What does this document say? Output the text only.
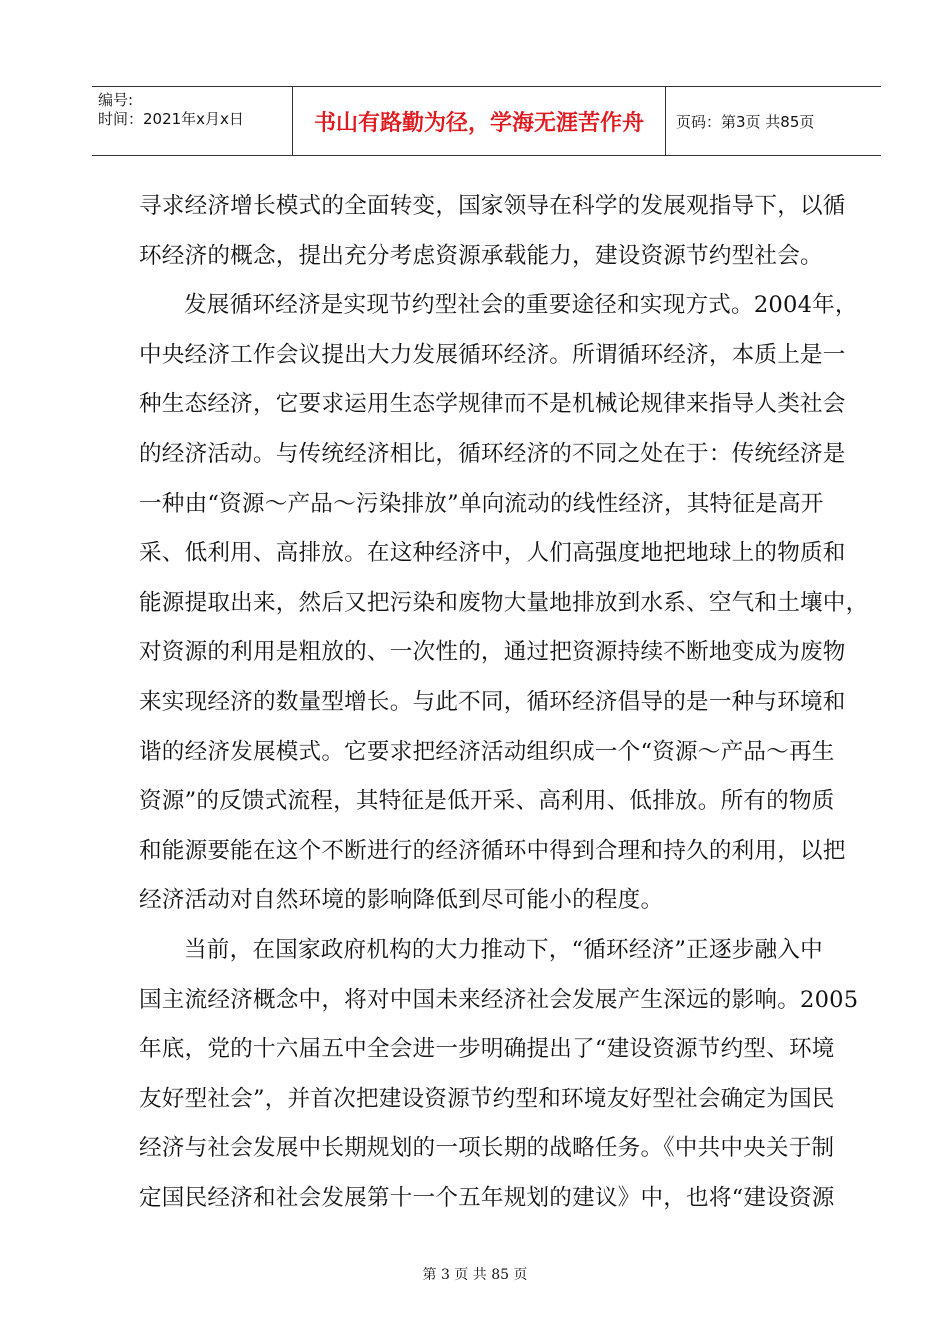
编号:
时间：2021年x月x日	书山有路勤为径，学海无涯苦作舟	页码：第3页 共85页
寻求经济增长模式的全面转变，国家领导在科学的发展观指导下，以循
环经济的概念，提出充分考虑资源承载能力，建设资源节约型社会。
发展循环经济是实现节约型社会的重要途径和实现方式。2004年，
中央经济工作会议提出大力发展循环经济。所谓循环经济，本质上是一
种生态经济，它要求运用生态学规律而不是机械论规律来指导人类社会
的经济活动。与传统经济相比，循环经济的不同之处在于：传统经济是
一种由“资源～产品～污染排放”单向流动的线性经济，其特征是高开
采、低利用、高排放。在这种经济中，人们高强度地把地球上的物质和
能源提取出来，然后又把污染和废物大量地排放到水系、空气和土壤中，
对资源的利用是粗放的、一次性的，通过把资源持续不断地变成为废物
来实现经济的数量型增长。与此不同，循环经济倡导的是一种与环境和
谐的经济发展模式。它要求把经济活动组织成一个“资源～产品～再生
资源”的反馈式流程，其特征是低开采、高利用、低排放。所有的物质
和能源要能在这个不断进行的经济循环中得到合理和持久的利用，以把
经济活动对自然环境的影响降低到尽可能小的程度。
当前，在国家政府机构的大力推动下，“循环经济”正逐步融入中
国主流经济概念中，将对中国未来经济社会发展产生深远的影响。2005
年底，党的十六届五中全会进一步明确提出了“建设资源节约型、环境
友好型社会”，并首次把建设资源节约型和环境友好型社会确定为国民
经济与社会发展中长期规划的一项长期的战略任务。《中共中央关于制
定国民经济和社会发展第十一个五年规划的建议》中，也将“建设资源
第 3 页 共 85 页
